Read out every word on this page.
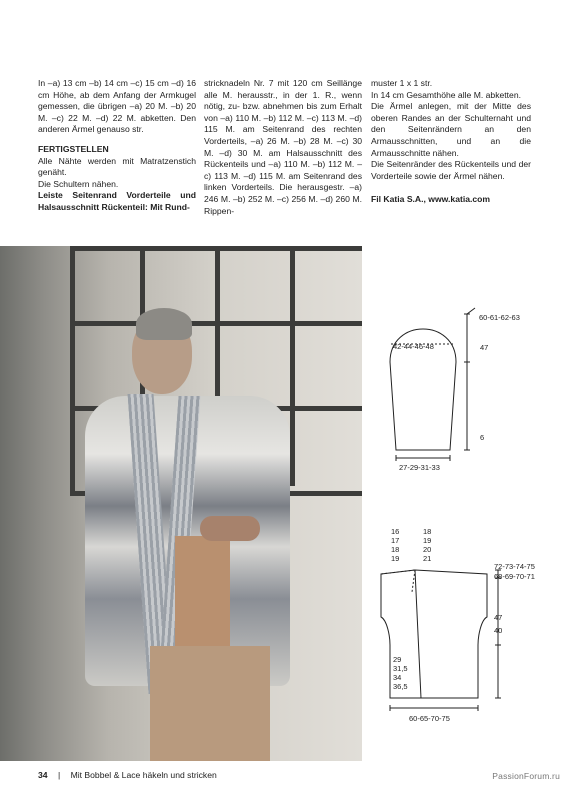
In –a) 13 cm –b) 14 cm –c) 15 cm –d) 16 cm Höhe, ab dem Anfang der Armkugel gemessen, die übrigen –a) 20 M. –b) 20 M. –c) 22 M. –d) 22 M. abketten. Den anderen Ärmel genauso str.

FERTIGSTELLEN

Alle Nähte werden mit Matratzenstich genäht.

Die Schultern nähen.

Leiste Seitenrand Vorderteile und Halsausschnitt Rückenteil: Mit Rund-

stricknadeln Nr. 7 mit 120 cm Seillänge alle M. herausstr., in der 1. R., wenn nötig, zu- bzw. abnehmen bis zum Erhalt von –a) 110 M. –b) 112 M. –c) 113 M. –d) 115 M. am Seitenrand des rechten Vorderteils, –a) 26 M. –b) 28 M. –c) 30 M. –d) 30 M. am Halsausschnitt des Rückenteils und –a) 110 M. –b) 112 M. –c) 113 M. –d) 115 M. am Seitenrand des linken Vorderteils. Die herausgestr. –a) 246 M. –b) 252 M. –c) 256 M. –d) 260 M. Rippen-

muster 1 x 1 str.

In 14 cm Gesamthöhe alle M. abketten.

Die Ärmel anlegen, mit der Mitte des oberen Randes an der Schulternaht und den Seitenrändern an den Armausschnitten, und an die Armausschnitte nähen.

Die Seitenränder des Rückenteils und der Vorderteile sowie der Ärmel nähen.

Fil Katia S.A., www.katia.com

60-61-62-63
42-44-46-48	47
6
27-29-31-33
16
17
18
19
18
19
20
21
72-73-74-75
68-69-70-71
47
40
29
31,5
34
36,5
60-65-70-75
34 | Mit Bobbel & Lace häkeln und stricken	PassionForum.ru
